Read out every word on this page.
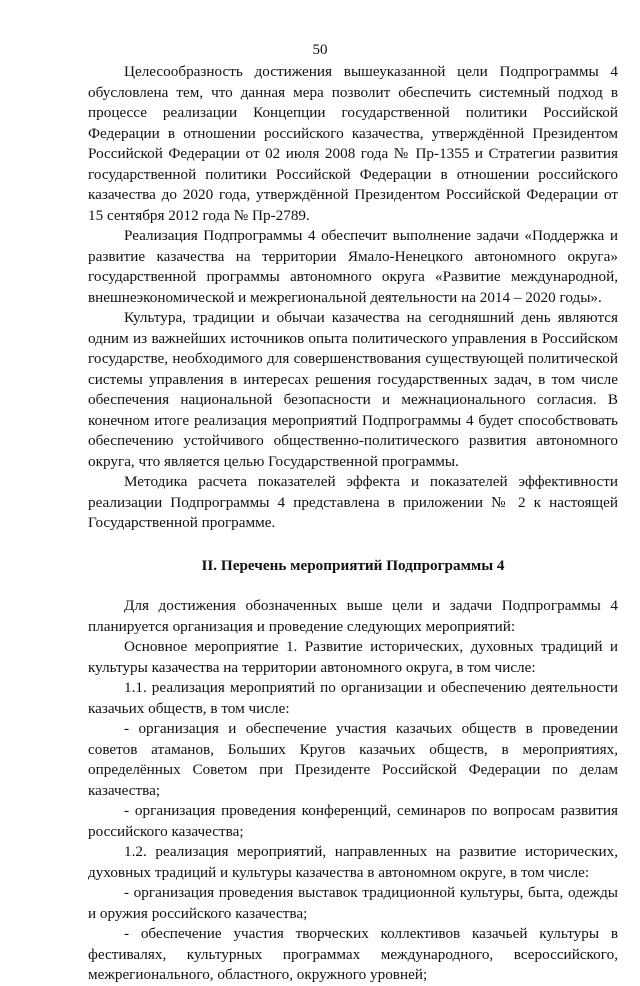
50

Целесообразность достижения вышеуказанной цели Подпрограммы 4 обусловлена тем, что данная мера позволит обеспечить системный подход в процессе реализации Концепции государственной политики Российской Федерации в отношении российского казачества, утверждённой Президентом Российской Федерации от 02 июля 2008 года № Пр-1355 и Стратегии развития государственной политики Российской Федерации в отношении российского казачества до 2020 года, утверждённой Президентом Российской Федерации от 15 сентября 2012 года № Пр-2789.

Реализация Подпрограммы 4 обеспечит выполнение задачи «Поддержка и развитие казачества на территории Ямало-Ненецкого автономного округа» государственной программы автономного округа «Развитие международной, внешнеэкономической и межрегиональной деятельности на 2014 – 2020 годы».

Культура, традиции и обычаи казачества на сегодняшний день являются одним из важнейших источников опыта политического управления в Российском государстве, необходимого для совершенствования существующей политической системы управления в интересах решения государственных задач, в том числе обеспечения национальной безопасности и межнационального согласия. В конечном итоге реализация мероприятий Подпрограммы 4 будет способствовать обеспечению устойчивого общественно-политического развития автономного округа, что является целью Государственной программы.

Методика расчета показателей эффекта и показателей эффективности реализации Подпрограммы 4 представлена в приложении № 2 к настоящей Государственной программе.

II. Перечень мероприятий Подпрограммы 4

Для достижения обозначенных выше цели и задачи Подпрограммы 4 планируется организация и проведение следующих мероприятий:

Основное мероприятие 1. Развитие исторических, духовных традиций и культуры казачества на территории автономного округа, в том числе:

1.1. реализация мероприятий по организации и обеспечению деятельности казачьих обществ, в том числе:

- организация и обеспечение участия казачьих обществ в проведении советов атаманов, Больших Кругов казачьих обществ, в мероприятиях, определённых Советом при Президенте Российской Федерации по делам казачества;

- организация проведения конференций, семинаров по вопросам развития российского казачества;

1.2. реализация мероприятий, направленных на развитие исторических, духовных традиций и культуры казачества в автономном округе, в том числе:

- организация проведения выставок традиционной культуры, быта, одежды и оружия российского казачества;

- обеспечение участия творческих коллективов казачьей культуры в фестивалях, культурных программах международного, всероссийского, межрегионального, областного, окружного уровней;
